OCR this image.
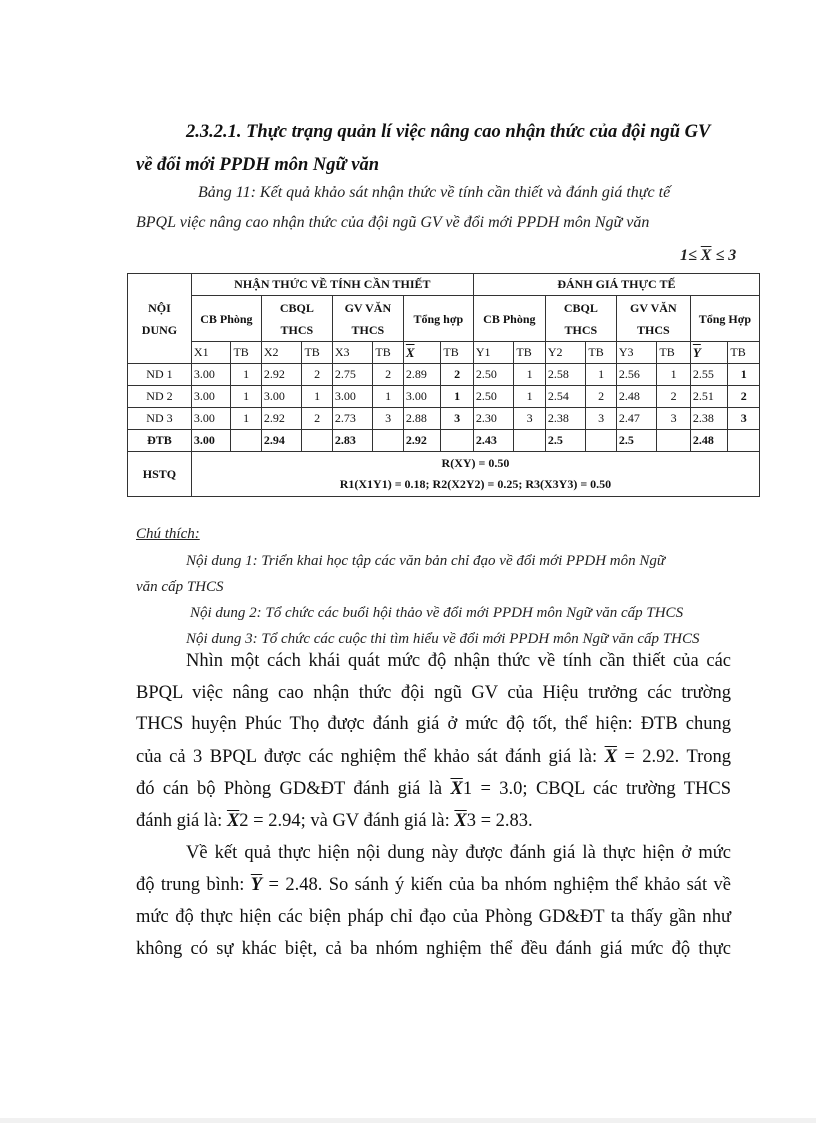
2.3.2.1. Thực trạng quản lí việc nâng cao nhận thức của đội ngũ GV
về đổi mới PPDH môn Ngữ văn
Bảng 11: Kết quả khảo sát nhận thức về tính cần thiết và đánh giá thực tế
BPQL việc nâng cao nhận thức của đội ngũ GV về đổi mới PPDH môn Ngữ văn
$1\le \overline{X} \le 3$
NỘI DUNG	NHẬN THỨC VỀ TÍNH CẦN THIẾT								ĐÁNH GIÁ THỰC TẾ							
	CB Phòng		CBQL THCS		GV VĂN THCS		Tổng hợp		CB Phòng		CBQL THCS		GV VĂN THCS		Tổng Hợp	
	X1	TB	X2	TB	X3	TB	$\overline{X}$	TB	Y1	TB	Y2	TB	Y3	TB	$\overline{Y}$	TB
ND 1	3.00	1	2.92	2	2.75	2	2.89	2	2.50	1	2.58	1	2.56	1	2.55	1
ND 2	3.00	1	3.00	1	3.00	1	3.00	1	2.50	1	2.54	2	2.48	2	2.51	2
ND 3	3.00	1	2.92	2	2.73	3	2.88	3	2.30	3	2.38	3	2.47	3	2.38	3
ĐTB	3.00		2.94		2.83		2.92		2.43		2.5		2.5		2.48	
HSTQ	R(XY) = 0.50
R1(X1Y1) = 0.18; R2(X2Y2) = 0.25; R3(X3Y3) = 0.50															
Chú thích:
Nội dung 1: Triển khai học tập các văn bản chỉ đạo về đổi mới PPDH môn Ngữ
văn cấp THCS
Nội dung 2: Tổ chức các buổi hội thảo về đổi mới PPDH môn Ngữ văn cấp THCS
Nội dung 3: Tổ chức các cuộc thi tìm hiểu về đổi mới PPDH môn Ngữ văn cấp THCS
Nhìn một cách khái quát mức độ nhận thức về tính cần thiết của các
BPQL việc nâng cao nhận thức đội ngũ GV của Hiệu trưởng các trường
THCS huyện Phúc Thọ được đánh giá ở mức độ tốt, thể hiện: ĐTB chung
của cả 3 BPQL được các nghiệm thể khảo sát đánh giá là: $\overline{X} = 2.92$. Trong
đó cán bộ Phòng GD&ĐT đánh giá là $\overline{X}1 = 3.0$; CBQL các trường THCS
đánh giá là: $\overline{X}2 = 2.94$; và GV đánh giá là: $\overline{X}3 = 2.83$.
Về kết quả thực hiện nội dung này được đánh giá là thực hiện ở mức
độ trung bình: $\overline{Y} = 2.48$. So sánh ý kiến của ba nhóm nghiệm thể khảo sát về
mức độ thực hiện các biện pháp chỉ đạo của Phòng GD&ĐT ta thấy gần như
không có sự khác biệt, cả ba nhóm nghiệm thể đều đánh giá mức độ thực
